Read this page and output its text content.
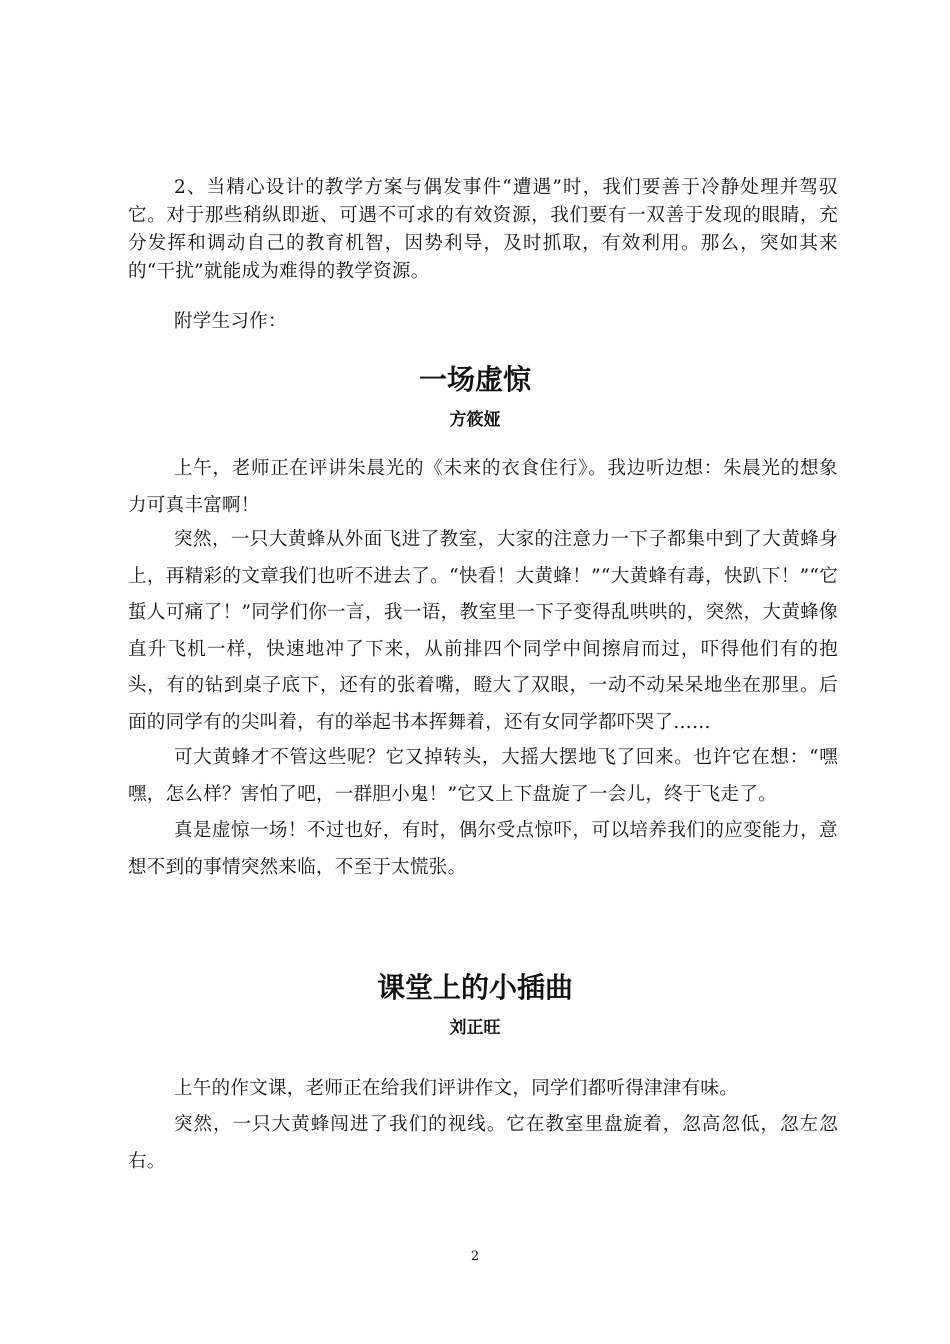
2、当精心设计的教学方案与偶发事件“遭遇”时，我们要善于冷静处理并驾驭它。对于那些稍纵即逝、可遇不可求的有效资源，我们要有一双善于发现的眼睛，充分发挥和调动自己的教育机智，因势利导，及时抓取，有效利用。那么，突如其来的“干扰”就能成为难得的教学资源。

附学生习作：

一场虚惊
方筱娅

上午，老师正在评讲朱晨光的《未来的衣食住行》。我边听边想：朱晨光的想象力可真丰富啊！

突然，一只大黄蜂从外面飞进了教室，大家的注意力一下子都集中到了大黄蜂身上，再精彩的文章我们也听不进去了。“快看！大黄蜂！”“大黄蜂有毒，快趴下！”“它蜇人可痛了！”同学们你一言，我一语，教室里一下子变得乱哄哄的，突然，大黄蜂像直升飞机一样，快速地冲了下来，从前排四个同学中间擦肩而过，吓得他们有的抱头，有的钻到桌子底下，还有的张着嘴，瞪大了双眼，一动不动呆呆地坐在那里。后面的同学有的尖叫着，有的举起书本挥舞着，还有女同学都吓哭了……

可大黄蜂才不管这些呢？它又掉转头，大摇大摆地飞了回来。也许它在想：“嘿嘿，怎么样？害怕了吧，一群胆小鬼！”它又上下盘旋了一会儿，终于飞走了。

真是虚惊一场！不过也好，有时，偶尔受点惊吓，可以培养我们的应变能力，意想不到的事情突然来临，不至于太慌张。

课堂上的小插曲
刘正旺

上午的作文课，老师正在给我们评讲作文，同学们都听得津津有味。

突然，一只大黄蜂闯进了我们的视线。它在教室里盘旋着，忽高忽低，忽左忽右。

2
